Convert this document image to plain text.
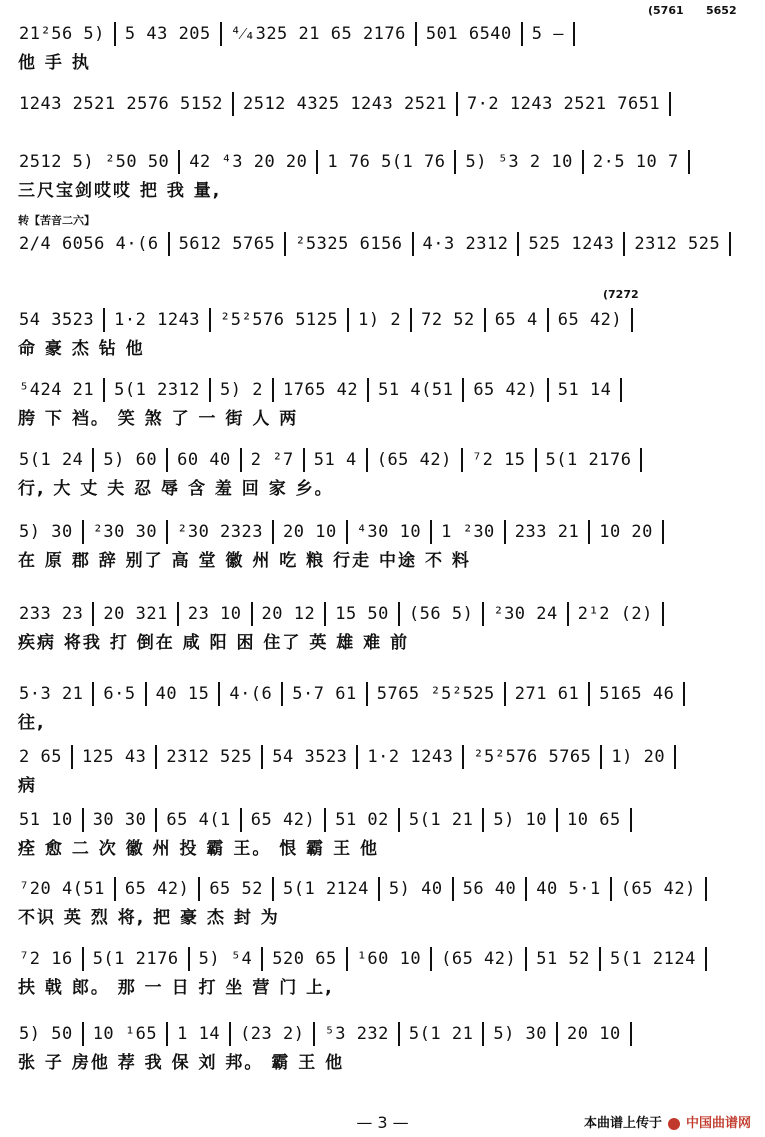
21²56 5) 5 43 205 ⁴⁄₄325 21 65 2176 501 6540 5 —
他 手 执
1243 2521 2576 5152 2512 4325 1243 2521 7·2 1243 2521 7651
2512 5) ²50 50 42 ⁴3 20 20 1 76 5(1 76 5) ⁵3 2 10 2·5 10 7
三尺宝剑哎哎 把 我 量,
2/4 6056 4·(6 5612 5765 ²5325 6156 4·3 2312 525 1243 2312 525
54 3523 1·2 1243 ²5²576 5125 1) 2 72 52 65 4 65 42)
命 豪 杰 钻 他
⁵424 21 5(1 2312 5) 2 1765 42 51 4(51 65 42) 51 14
胯 下 裆。 笑 煞 了 一 街 人 两
5(1 24 5) 60 60 40 2 ²7 51 4 (65 42) ⁷2 15 5(1 2176
行, 大 丈 夫 忍 辱 含 羞 回 家 乡。
5) 30 ²30 30 ²30 2323 20 10 ⁴30 10 1 ²30 233 21 10 20
在 原 郡 辞 别了 高 堂 徽 州 吃 粮 行走 中途 不 料
233 23 20 321 23 10 20 12 15 50 (56 5) ²30 24 2¹2 (2)
疾病 将我 打 倒在 咸 阳 困 住了 英 雄 难 前
5·3 21 6·5 40 15 4·(6 5·7 61 5765 ²5²525 271 61 5165 46
往,
2 65 125 43 2312 525 54 3523 1·2 1243 ²5²576 5765 1) 20
病
51 10 30 30 65 4(1 65 42) 51 02 5(1 21 5) 10 10 65
痊 愈 二 次 徽 州 投 霸 王。 恨 霸 王 他
⁷20 4(51 65 42) 65 52 5(1 2124 5) 40 56 40 40 5·1 (65 42)
不识 英 烈 将, 把 豪 杰 封 为
⁷2 16 5(1 2176 5) ⁵4 520 65 ¹60 10 (65 42) 51 52 5(1 2124
扶 戟 郎。 那 一 日 打 坐 营 门 上,
5) 50 10 ¹65 1 14 (23 2) ⁵3 232 5(1 21 5) 30 20 10
张 子 房他 荐 我 保 刘 邦。 霸 王 他
(5761 5652
转【苦音二六】
(7272
— 3 —	本曲谱上传于 中国曲谱网
